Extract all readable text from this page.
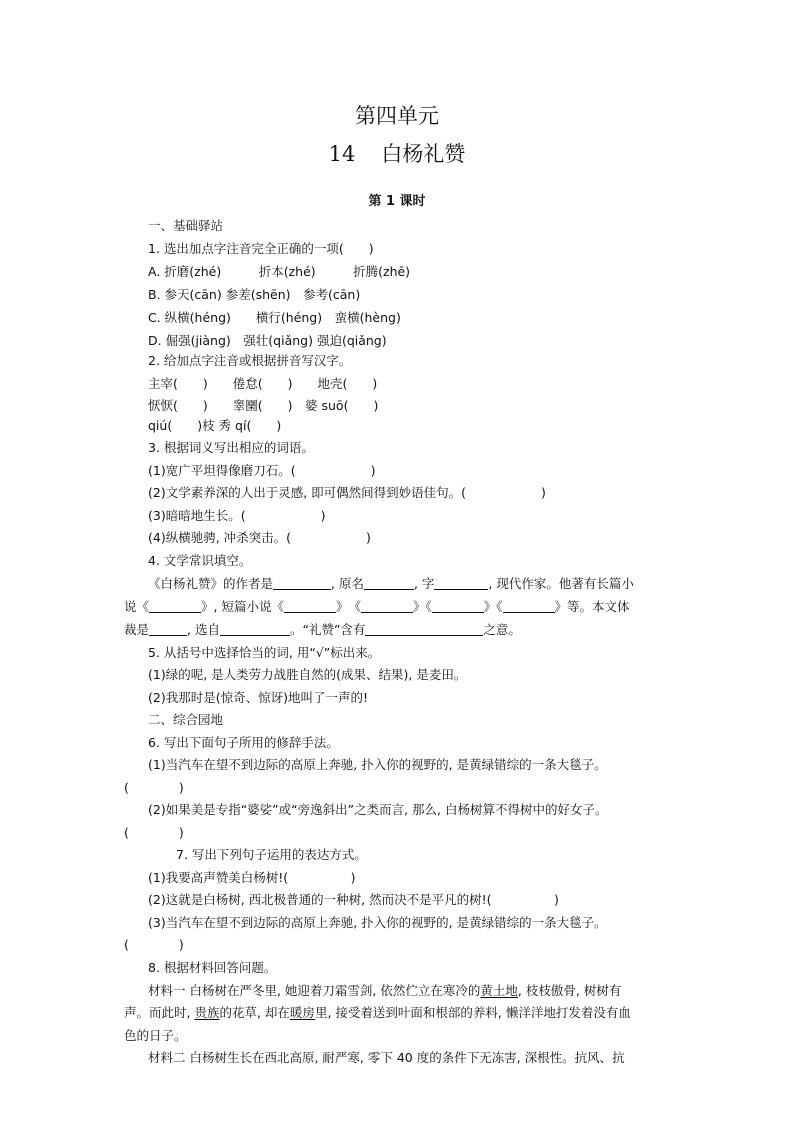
第四单元
14 白杨礼赞
第 1 课时
一、基础驿站
1. 选出加点字注音完全正确的一项(　　)
A. 折磨(zhé)　　　折本(zhé)　　　折腾(zhē)
B. 参天(cān) 参差(shēn)　参考(cān)
C. 纵横(héng)　　横行(héng)　蛮横(hèng)
D. 倔强(jiàng)　强壮(qiǎng) 强迫(qiǎng)
2. 给加点字注音或根据拼音写汉字。
主宰(　　)　　倦怠(　　)　　地壳(　　)
恹恹(　　)　　睾圞(　　)　婆 suō(　　)
qiú(　　)枝 秀 qí(　　)
3. 根据词义写出相应的词语。
(1)宽广平坦得像磨刀石。(　　　　　　)
(2)文学素养深的人出于灵感, 即可偶然间得到妙语佳句。(　　　　　　)
(3)暗暗地生长。(　　　　　　)
(4)纵横驰骋, 冲杀突击。(　　　　　　)
4. 文学常识填空。
《白杨礼赞》的作者是	, 原名	, 字	, 现代作家。他著有长篇小
说《	》, 短篇小说《	》　《	》《	》《	》等。本文体
裁是	, 选自	。“礼赞”含有	之意。
5. 从括号中选择恰当的词, 用“√”标出来。
(1)绿的呢, 是人类劳力战胜自然的(成果、结果), 是麦田。
(2)我那时是(惊奇、惊讶)地叫了一声的!
二、综合园地
6. 写出下面句子所用的修辞手法。
(1)当汽车在望不到边际的高原上奔驰, 扑入你的视野的, 是黄绿错综的一条大毯子。
(　　　　)
(2)如果美是专指“婆娑”或“旁逸斜出”之类而言, 那么, 白杨树算不得树中的好女子。
(　　　　)
7. 写出下列句子运用的表达方式。
(1)我要高声赞美白杨树!(　　　　　)
(2)这就是白杨树, 西北极普通的一种树, 然而决不是平凡的树!(　　　　　)
(3)当汽车在望不到边际的高原上奔驰, 扑入你的视野的, 是黄绿错综的一条大毯子。
(　　　　)
8. 根据材料回答问题。
材料一 白杨树在严冬里, 她迎着刀霜雪剑, 依然伫立在寒冷的黄土地, 枝枝傲骨, 树树有
声。而此时, 贵族的花草, 却在暖房里, 接受着送到叶面和根部的养料, 懒洋洋地打发着没有血
色的日子。
材料二 白杨树生长在西北高原, 耐严寒, 零下 40 度的条件下无冻害, 深根性。抗风、抗
